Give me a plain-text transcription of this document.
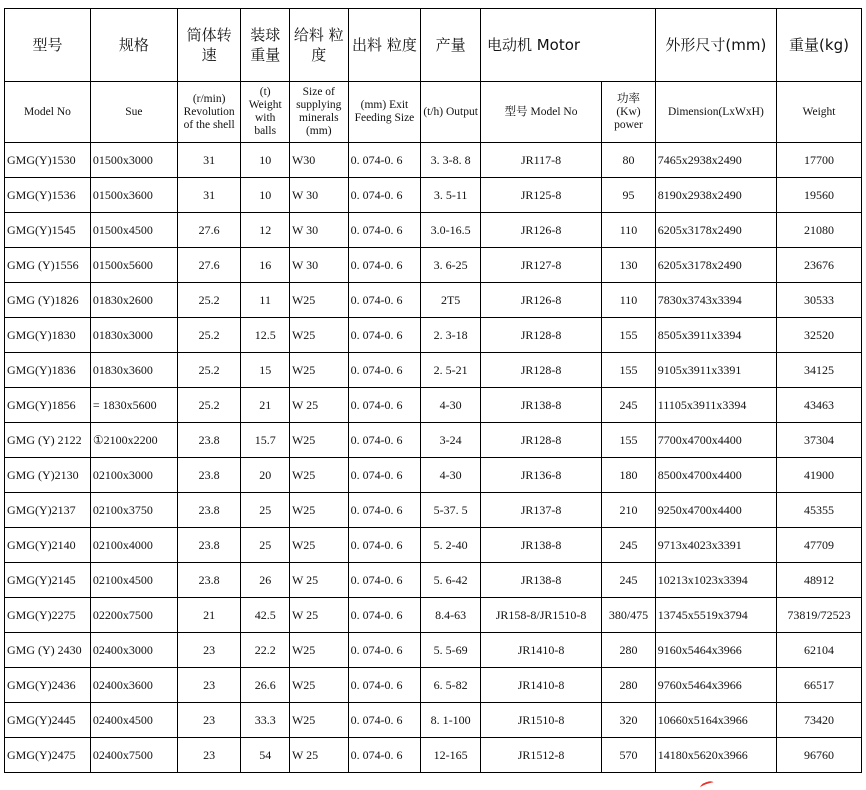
型号	规格	筒体转速	装球重量	给料 粒度	出料 粒度	产量	电动机 Motor		外形尺寸(mm)	重量(kg)
Model No	Sue	(r/min) Revolution of the shell	(t) Weight with balls	Size of supplying minerals (mm)	(mm) Exit Feeding Size	(t/h) Output	型号 Model No	功率 (Kw) power	Dimension(LxWxH)	Weight
GMG(Y)1530	01500x3000	31	10	W30	0. 074-0. 6	3. 3-8. 8	JR117-8	80	7465x2938x2490	17700
GMG(Y)1536	01500x3600	31	10	W 30	0. 074-0. 6	3. 5-11	JR125-8	95	8190x2938x2490	19560
GMG(Y)1545	01500x4500	27.6	12	W 30	0. 074-0. 6	3.0-16.5	JR126-8	110	6205x3178x2490	21080
GMG (Y)1556	01500x5600	27.6	16	W 30	0. 074-0. 6	3. 6-25	JR127-8	130	6205x3178x2490	23676
GMG (Y)1826	01830x2600	25.2	11	W25	0. 074-0. 6	2T5	JR126-8	110	7830x3743x3394	30533
GMG(Y)1830	01830x3000	25.2	12.5	W25	0. 074-0. 6	2. 3-18	JR128-8	155	8505x3911x3394	32520
GMG(Y)1836	01830x3600	25.2	15	W25	0. 074-0. 6	2. 5-21	JR128-8	155	9105x3911x3391	34125
GMG(Y)1856	= 1830x5600	25.2	21	W 25	0. 074-0. 6	4-30	JR138-8	245	11105x3911x3394	43463
GMG (Y) 2122	①2100x2200	23.8	15.7	W25	0. 074-0. 6	3-24	JR128-8	155	7700x4700x4400	37304
GMG (Y)2130	02100x3000	23.8	20	W25	0. 074-0. 6	4-30	JR136-8	180	8500x4700x4400	41900
GMG(Y)2137	02100x3750	23.8	25	W25	0. 074-0. 6	5-37. 5	JR137-8	210	9250x4700x4400	45355
GMG(Y)2140	02100x4000	23.8	25	W25	0. 074-0. 6	5. 2-40	JR138-8	245	9713x4023x3391	47709
GMG(Y)2145	02100x4500	23.8	26	W 25	0. 074-0. 6	5. 6-42	JR138-8	245	10213x1023x3394	48912
GMG(Y)2275	02200x7500	21	42.5	W 25	0. 074-0. 6	8.4-63	JR158-8/JR1510-8	380/475	13745x5519x3794	73819/72523
GMG (Y) 2430	02400x3000	23	22.2	W25	0. 074-0. 6	5. 5-69	JR1410-8	280	9160x5464x3966	62104
GMG(Y)2436	02400x3600	23	26.6	W25	0. 074-0. 6	6. 5-82	JR1410-8	280	9760x5464x3966	66517
GMG(Y)2445	02400x4500	23	33.3	W25	0. 074-0. 6	8. 1-100	JR1510-8	320	10660x5164x3966	73420
GMG(Y)2475	02400x7500	23	54	W 25	0. 074-0. 6	12-165	JR1512-8	570	14180x5620x3966	96760
